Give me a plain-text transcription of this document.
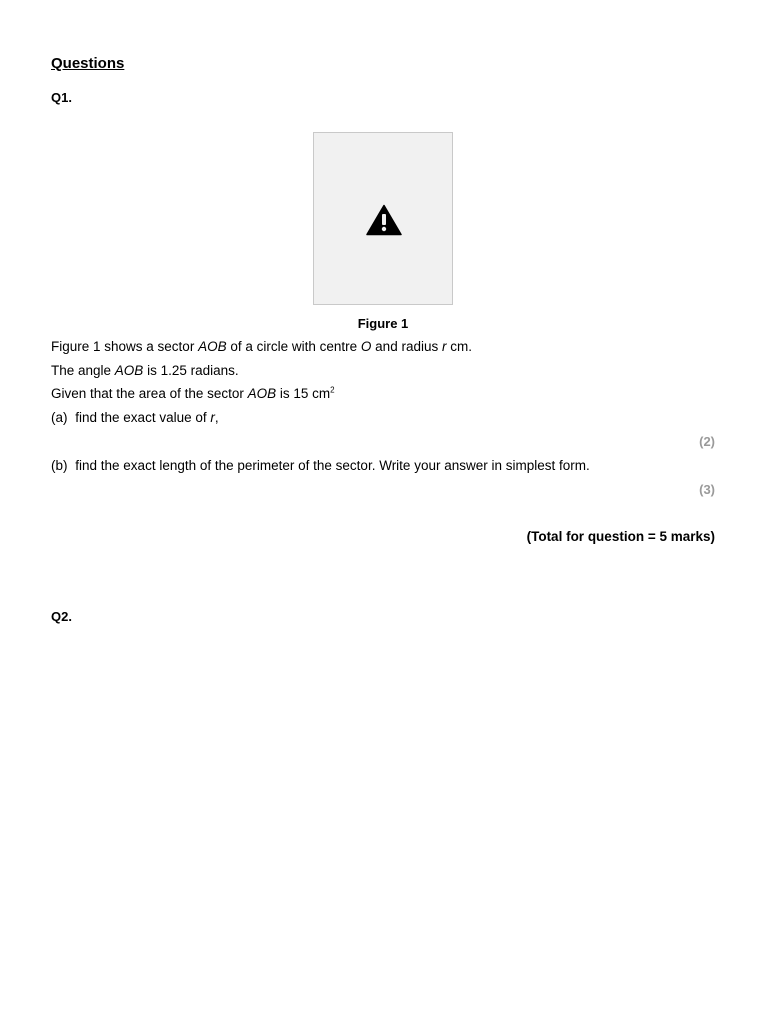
Questions
Q1.
Figure 1
Figure 1 shows a sector AOB of a circle with centre O and radius r cm.
The angle AOB is 1.25 radians.
Given that the area of the sector AOB is 15 $cm^2$
(a) find the exact value of r,
(2)
(b) find the exact length of the perimeter of the sector. Write your answer in simplest form.
(3)
(Total for question = 5 marks)
Q2.
